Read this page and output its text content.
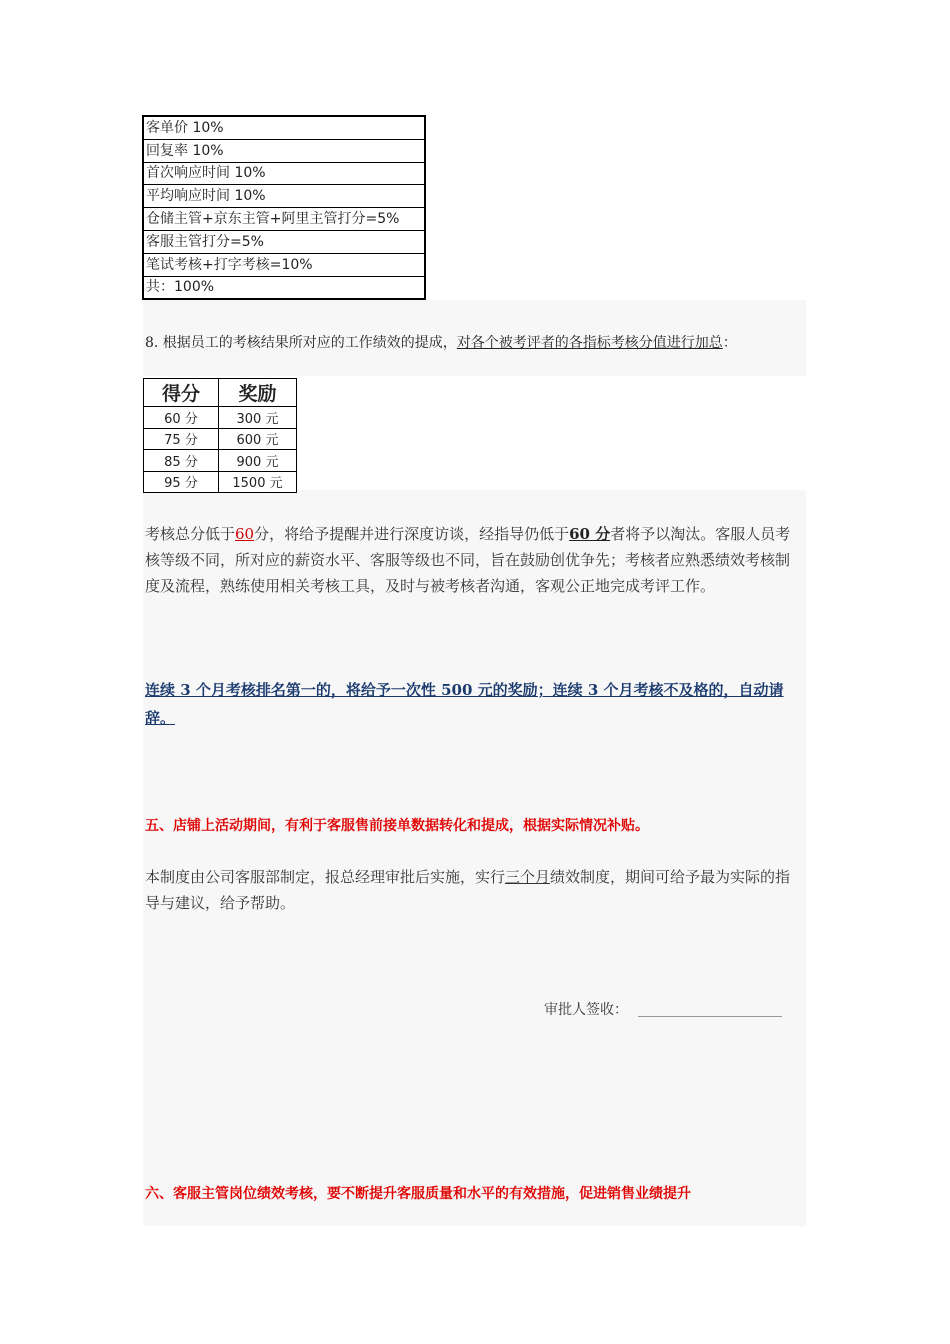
客单价 10%
回复率 10%
首次响应时间 10%
平均响应时间 10%
仓储主管+京东主管+阿里主管打分=5%
客服主管打分=5%
笔试考核+打字考核=10%
共：100%
8. 根据员工的考核结果所对应的工作绩效的提成，对各个被考评者的各指标考核分值进行加总：
得分	奖励
60 分	300 元
75 分	600 元
85 分	900 元
95 分	1500 元
考核总分低于60分，将给予提醒并进行深度访谈，经指导仍低于60 分者将予以淘汰。客服人员考核等级不同，所对应的薪资水平、客服等级也不同，旨在鼓励创优争先；考核者应熟悉绩效考核制度及流程，熟练使用相关考核工具，及时与被考核者沟通，客观公正地完成考评工作。
连续 3 个月考核排名第一的，将给予一次性 500 元的奖励；连续 3 个月考核不及格的，自动请辞。
五、店铺上活动期间，有利于客服售前接单数据转化和提成，根据实际情况补贴。
本制度由公司客服部制定，报总经理审批后实施，实行三个月绩效制度，期间可给予最为实际的指导与建议，给予帮助。
审批人签收：
六、客服主管岗位绩效考核，要不断提升客服质量和水平的有效措施，促进销售业绩提升
